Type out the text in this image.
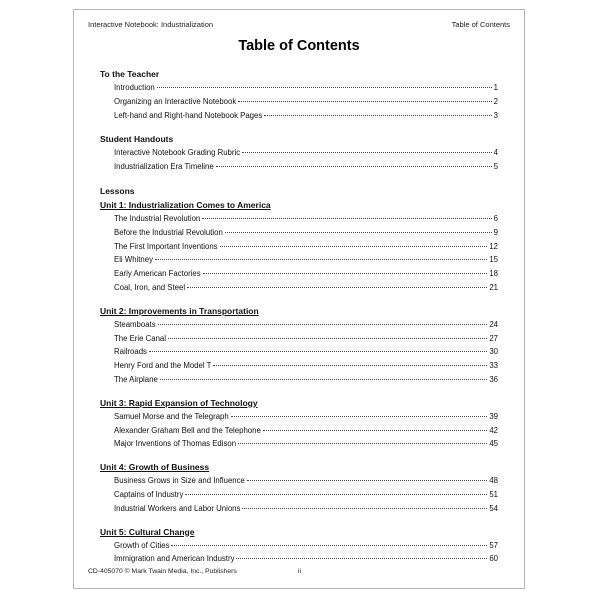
Interactive Notebook: Industrialization	Table of Contents
Table of Contents
To the Teacher
Introduction	1
Organizing an Interactive Notebook	2
Left-hand and Right-hand Notebook Pages	3
Student Handouts
Interactive Notebook Grading Rubric	4
Industrialization Era Timeline	5
Lessons
Unit 1: Industrialization Comes to America
The Industrial Revolution	6
Before the Industrial Revolution	9
The First Important Inventions	12
Eli Whitney	15
Early American Factories	18
Coal, Iron, and Steel	21
Unit 2: Improvements in Transportation
Steamboats	24
The Erie Canal	27
Railroads	30
Henry Ford and the Model T	33
The Airplane	36
Unit 3: Rapid Expansion of Technology
Samuel Morse and the Telegraph	39
Alexander Graham Bell and the Telephone	42
Major Inventions of Thomas Edison	45
Unit 4: Growth of Business
Business Grows in Size and Influence	48
Captains of Industry	51
Industrial Workers and Labor Unions	54
Unit 5: Cultural Change
Growth of Cities	57
Immigration and American Industry	60
CD-405070 © Mark Twain Media, Inc., Publishers	ii
